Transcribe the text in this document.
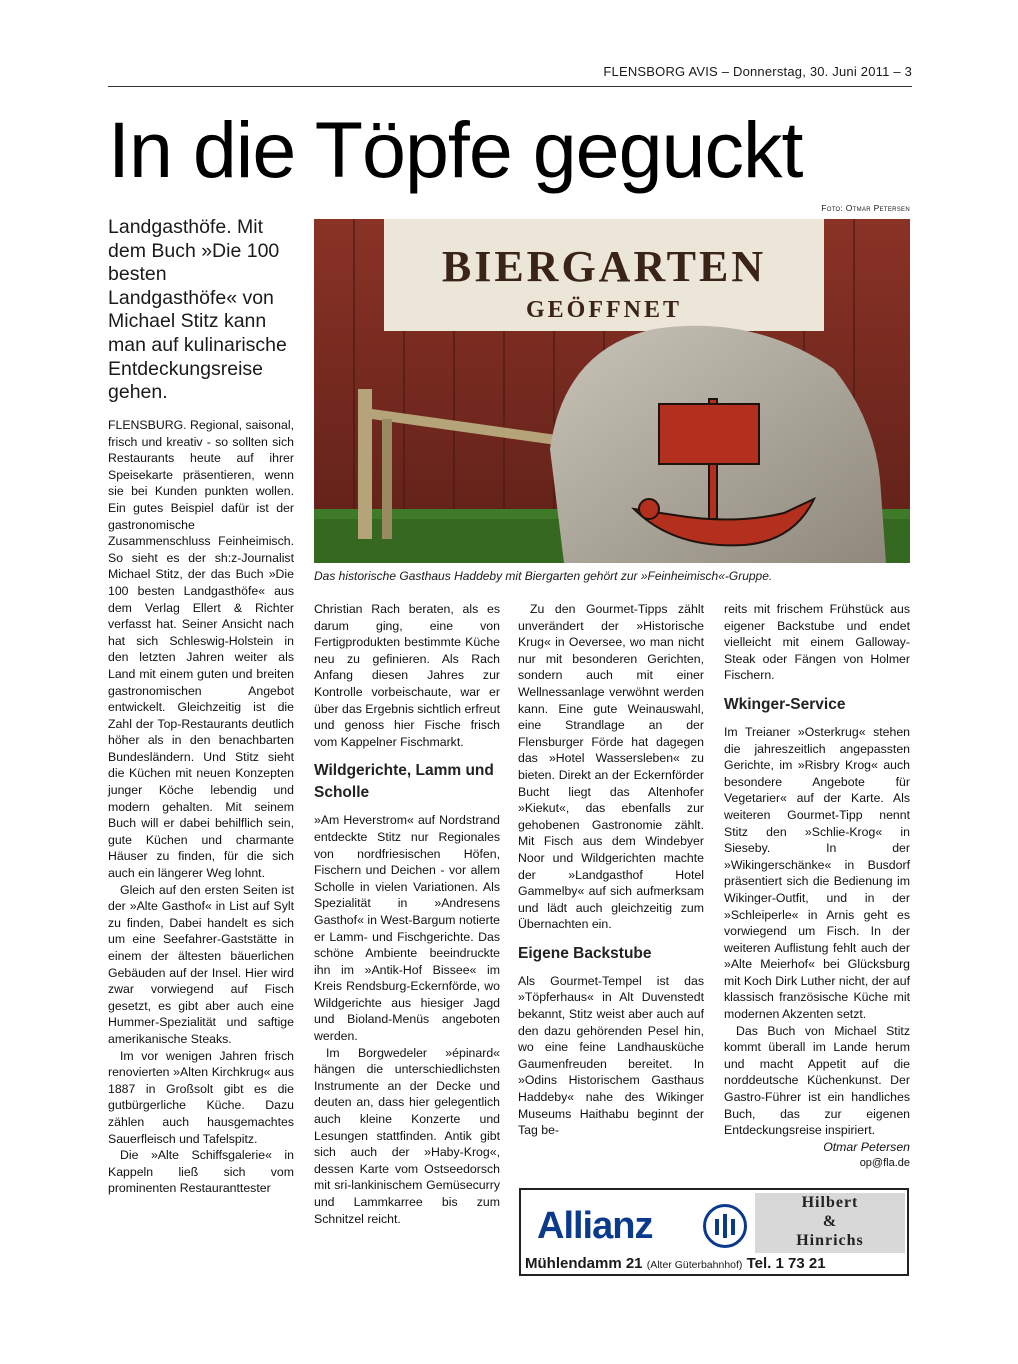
FLENSBORG AVIS – Donnerstag, 30. Juni 2011 – 3
In die Töpfe geguckt
Foto: Otmar Petersen
BIERGARTEN
GEÖFFNET
Das historische Gasthaus Haddeby mit Biergarten gehört zur »Feinheimisch«-Gruppe.

Landgasthöfe. Mit dem Buch »Die 100 besten Landgasthöfe« von Michael Stitz kann man auf kulinarische Entdeckungsreise gehen.

FLENSBURG. Regional, saisonal, frisch und kreativ - so sollten sich Restaurants heute auf ihrer Speisekarte präsentieren, wenn sie bei Kunden punkten wollen. Ein gutes Beispiel dafür ist der gastronomische Zusammenschluss Feinheimisch. So sieht es der sh:z-Journalist Michael Stitz, der das Buch »Die 100 besten Landgasthöfe« aus dem Verlag Ellert & Richter verfasst hat. Seiner Ansicht nach hat sich Schleswig-Holstein in den letzten Jahren weiter als Land mit einem guten und breiten gastronomischen Angebot entwickelt. Gleichzeitig ist die Zahl der Top-Restaurants deutlich höher als in den benachbarten Bundesländern. Und Stitz sieht die Küchen mit neuen Konzepten junger Köche lebendig und modern gehalten. Mit seinem Buch will er dabei behilflich sein, gute Küchen und charmante Häuser zu finden, für die sich auch ein längerer Weg lohnt.

Gleich auf den ersten Seiten ist der »Alte Gasthof« in List auf Sylt zu finden, Dabei handelt es sich um eine Seefahrer-Gaststätte in einem der ältesten bäuerlichen Gebäuden auf der Insel. Hier wird zwar vorwiegend auf Fisch gesetzt, es gibt aber auch eine Hummer-Spezialität und saftige amerikanische Steaks.

Im vor wenigen Jahren frisch renovierten »Alten Kirchkrug« aus 1887 in Großsolt gibt es die gutbürgerliche Küche. Dazu zählen auch hausgemachtes Sauerfleisch und Tafelspitz.

Die »Alte Schiffsgalerie« in Kappeln ließ sich vom prominenten Restauranttester

Christian Rach beraten, als es darum ging, eine von Fertigprodukten bestimmte Küche neu zu gefinieren. Als Rach Anfang diesen Jahres zur Kontrolle vorbeischaute, war er über das Ergebnis sichtlich erfreut und genoss hier Fische frisch vom Kappelner Fischmarkt.

Wildgerichte, Lamm und Scholle

»Am Heverstrom« auf Nordstrand entdeckte Stitz nur Regionales von nordfriesischen Höfen, Fischern und Deichen - vor allem Scholle in vielen Variationen. Als Spezialität in »Andresens Gasthof« in West-Bargum notierte er Lamm- und Fischgerichte. Das schöne Ambiente beeindruckte ihn im »Antik-Hof Bissee« im Kreis Rendsburg-Eckernförde, wo Wildgerichte aus hiesiger Jagd und Bioland-Menüs angeboten werden.

Im Borgwedeler »épinard« hängen die unterschiedlichsten Instrumente an der Decke und deuten an, dass hier gelegentlich auch kleine Konzerte und Lesungen stattfinden. Antik gibt sich auch der »Haby-Krog«, dessen Karte vom Ostseedorsch mit sri-lankinischem Gemüsecurry und Lammkarree bis zum Schnitzel reicht.

Zu den Gourmet-Tipps zählt unverändert der »Historische Krug« in Oeversee, wo man nicht nur mit besonderen Gerichten, sondern auch mit einer Wellnessanlage verwöhnt werden kann. Eine gute Weinauswahl, eine Strandlage an der Flensburger Förde hat dagegen das »Hotel Wassersleben« zu bieten. Direkt an der Eckernförder Bucht liegt das Altenhofer »Kiekut«, das ebenfalls zur gehobenen Gastronomie zählt. Mit Fisch aus dem Windebyer Noor und Wildgerichten machte der »Landgasthof Hotel Gammelby« auf sich aufmerksam und lädt auch gleichzeitig zum Übernachten ein.

Eigene Backstube

Als Gourmet-Tempel ist das »Töpferhaus« in Alt Duvenstedt bekannt, Stitz weist aber auch auf den dazu gehörenden Pesel hin, wo eine feine Landhausküche Gaumenfreuden bereitet. In »Odins Historischem Gasthaus Haddeby« nahe des Wikinger Museums Haithabu beginnt der Tag be-

reits mit frischem Frühstück aus eigener Backstube und endet vielleicht mit einem Galloway-Steak oder Fängen von Holmer Fischern.

Wkinger-Service

Im Treianer »Osterkrug« stehen die jahreszeitlich angepassten Gerichte, im »Risbry Krog« auch besondere Angebote für Vegetarier« auf der Karte. Als weiteren Gourmet-Tipp nennt Stitz den »Schlie-Krog« in Sieseby. In der »Wikingerschänke« in Busdorf präsentiert sich die Bedienung im Wikinger-Outfit, und in der »Schleiperle« in Arnis geht es vorwiegend um Fisch. In der weiteren Auflistung fehlt auch der »Alte Meierhof« bei Glücksburg mit Koch Dirk Luther nicht, der auf klassisch französische Küche mit modernen Akzenten setzt.

Das Buch von Michael Stitz kommt überall im Lande herum und macht Appetit auf die norddeutsche Küchenkunst. Der Gastro-Führer ist ein handliches Buch, das zur eigenen Entdeckungsreise inspiriert.

Otmar Petersen

op@fla.de

Allianz
Hilbert
&
Hinrichs
Mühlendamm 21 (Alter Güterbahnhof) Tel. 1 73 21
